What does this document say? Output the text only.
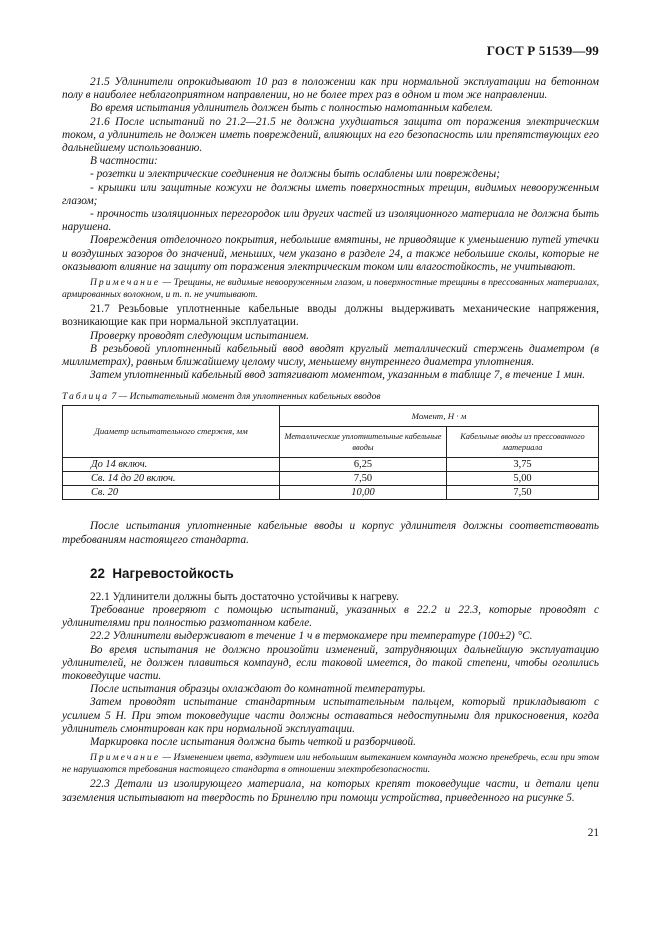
ГОСТ Р 51539—99

21.5 Удлинители опрокидывают 10 раз в положении как при нормальной эксплуатации на бетонном полу в наиболее неблагоприятном направлении, но не более трех раз в одном и том же направлении.

Во время испытания удлинитель должен быть с полностью намотанным кабелем.

21.6 После испытаний по 21.2—21.5 не должна ухудшаться защита от поражения электрическим током, а удлинитель не должен иметь повреждений, влияющих на его безопасность или препятствующих его дальнейшему использованию.

В частности:

- розетки и электрические соединения не должны быть ослаблены или повреждены;

- крышки или защитные кожухи не должны иметь поверхностных трещин, видимых невооруженным глазом;

- прочность изоляционных перегородок или других частей из изоляционного материала не должна быть нарушена.

Повреждения отделочного покрытия, небольшие вмятины, не приводящие к уменьшению путей утечки и воздушных зазоров до значений, меньших, чем указано в разделе 24, а также небольшие сколы, которые не оказывают влияние на защиту от поражения электрическим током или влагостойкость, не учитывают.

Примечание — Трещины, не видимые невооруженным глазом, и поверхностные трещины в прессованных материалах, армированных волокном, и т. п. не учитывают.

21.7 Резьбовые уплотненные кабельные вводы должны выдерживать механические напряжения, возникающие как при нормальной эксплуатации.

Проверку проводят следующим испытанием.

В резьбовой уплотненный кабельный ввод вводят круглый металлический стержень диаметром (в миллиметрах), равным ближайшему целому числу, меньшему внутреннего диаметра уплотнения.

Затем уплотненный кабельный ввод затягивают моментом, указанным в таблице 7, в течение 1 мин.

Таблица 7 — Испытательный момент для уплотненных кабельных вводов
Диаметр испытательного стержня, мм	Момент, Н · м	
	Металлические уплотнительные кабельные вводы	Кабельные вводы из прессованного материала
До 14 включ.	6,25	3,75
Св. 14 до 20 включ.	7,50	5,00
Св. 20	10,00	7,50

После испытания уплотненные кабельные вводы и корпус удлинителя должны соответствовать требованиям настоящего стандарта.

22 Нагревостойкость

22.1 Удлинители должны быть достаточно устойчивы к нагреву.

Требование проверяют с помощью испытаний, указанных в 22.2 и 22.3, которые проводят с удлинителями при полностью размотанном кабеле.

22.2 Удлинители выдерживают в течение 1 ч в термокамере при температуре (100±2) °С.

Во время испытания не должно произойти изменений, затрудняющих дальнейшую эксплуатацию удлинителей, не должен плавиться компаунд, если таковой имеется, до такой степени, чтобы оголились токоведущие части.

После испытания образцы охлаждают до комнатной температуры.

Затем проводят испытание стандартным испытательным пальцем, который прикладывают с усилием 5 Н. При этом токоведущие части должны оставаться недоступными для прикосновения, когда удлинитель смонтирован как при нормальной эксплуатации.

Маркировка после испытания должна быть четкой и разборчивой.

Примечание — Изменением цвета, вздутием или небольшим вытеканием компаунда можно пренебречь, если при этом не нарушаются требования настоящего стандарта в отношении электробезопасности.

22.3 Детали из изолирующего материала, на которых крепят токоведущие части, и детали цепи заземления испытывают на твердость по Бринеллю при помощи устройства, приведенного на рисунке 5.

21
